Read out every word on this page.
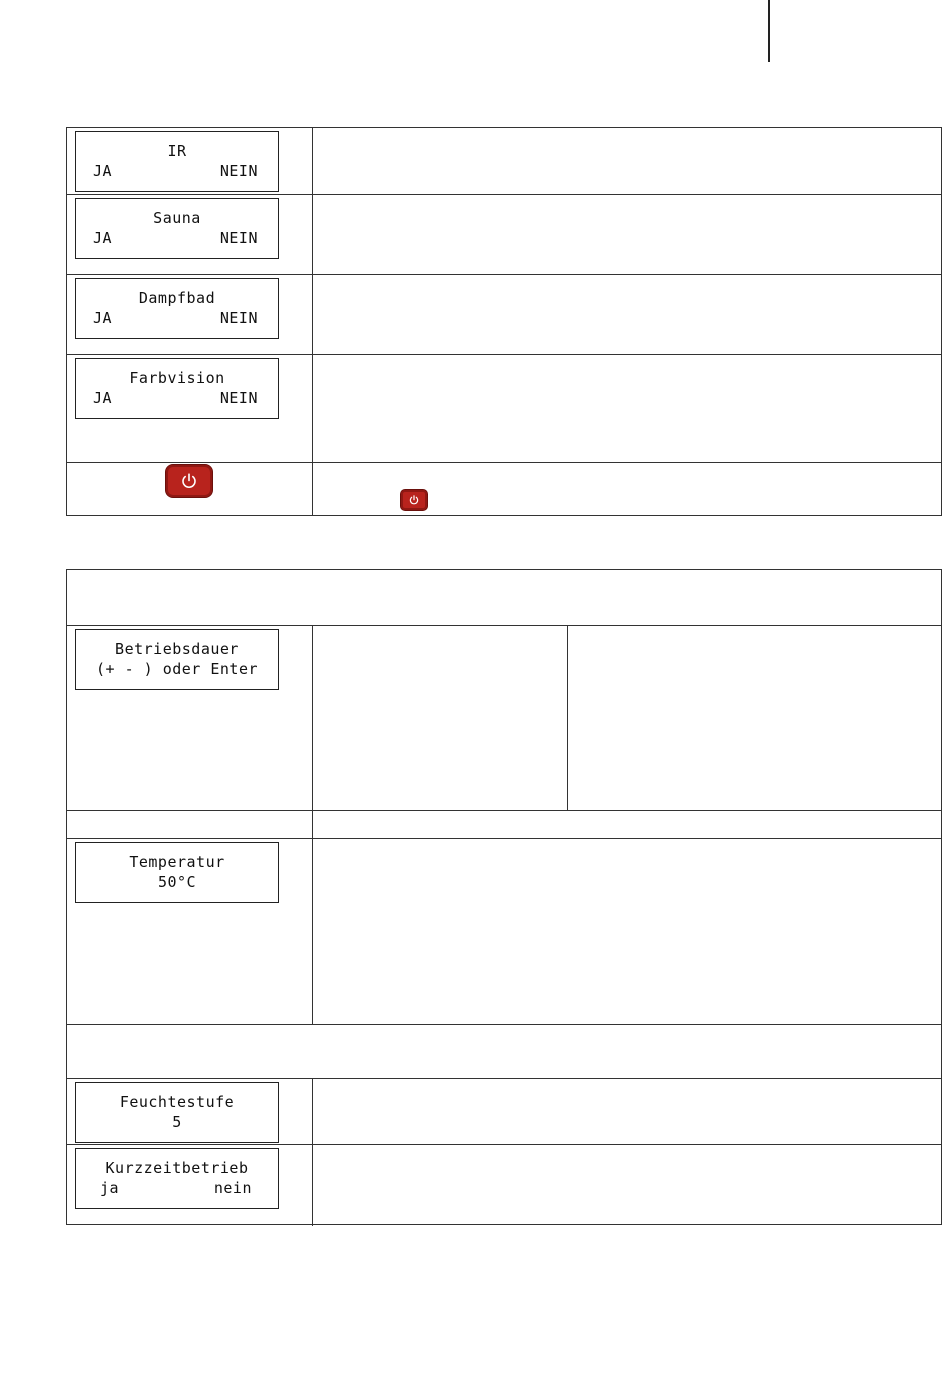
IR
JA	NEIN
Sauna
JA	NEIN
Dampfbad
JA	NEIN
Farbvision
JA	NEIN
Betriebsdauer
(+ - ) oder Enter
Temperatur
50°C
Feuchtestufe
5
Kurzzeitbetrieb
ja	nein
